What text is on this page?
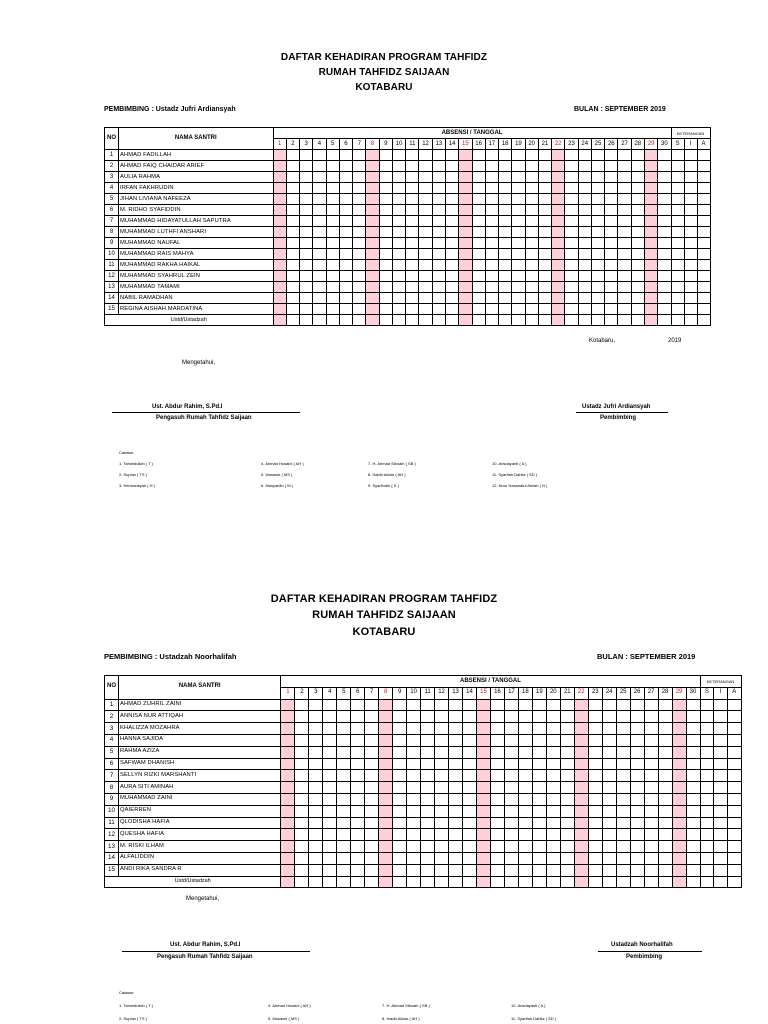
DAFTAR KEHADIRAN PROGRAM TAHFIDZ
RUMAH TAHFIDZ SAIJAAN
KOTABARU
PEMBIMBING : Ustadz Jufri Ardiansyah	BULAN : SEPTEMBER 2019
NO	NAMA SANTRI	ABSENSI / TANGGAL																														KETERANGAN		
		1	2	3	4	5	6	7	8	9	10	11	12	13	14	15	16	17	18	19	20	21	22	23	24	25	26	27	28	29	30	S	I	A
1	AHMAD FADILLAH																																	
2	AHMAD FAIQ CHAIDAR ARIEF																																	
3	AULIA RAHMA																																	
4	IRFAN FAKHRUDIN																																	
5	JIHAN LIVIANA NAFEEZA																																	
6	M. RIDHO SYAFIDDIN																																	
7	MUHAMMAD HIDAYATULLAH SAPUTRA																																	
8	MUHAMMAD LUTHFI ANSHARI																																	
9	MUHAMMAD NAUFAL																																	
10	MUHAMMAD RAIS MAHYA																																	
11	MUHAMMAD RAKHA HAIKAL																																	
12	MUHAMMAD SYAHRUL ZEIN																																	
13	MUHAMMAD TAMAMI																																	
14	NABIL RAMADHAN																																	
15	REGINA AISHAH MARDATINA																																	
Ustd/Ustadzah																																		
Kotabaru,	2019
Mengetahui,
Ust. Abdur Rahim, S.Pd.I
Pengasuh Rumah Tahfidz Saijaan
Ustadz Jufri Ardiansyah
Pembimbing
Catatan:
1. Tahmidullah ( T )
2. Supian ( TS )
3. Hermansyah ( H )
4. Ahmad Husaini ( AH )
5. Musawir ( MS )
6. Musyarifin ( M )
7. H. Ahmad Sibuaih ( SB )
8. Haidir Akbar ( AH )
9. Syarifudin ( S )
10. Arisdayanti ( A )
11. Syarifah Dahlia ( SD )
12. Noor Hasanatul Ainiah ( N )
DAFTAR KEHADIRAN PROGRAM TAHFIDZ
RUMAH TAHFIDZ SAIJAAN
KOTABARU
PEMBIMBING : Ustadzah Noorhalifah	BULAN : SEPTEMBER 2019
NO	NAMA SANTRI	ABSENSI / TANGGAL																														KETERANGAN		
		1	2	3	4	5	6	7	8	9	10	11	12	13	14	15	16	17	18	19	20	21	22	23	24	25	26	27	28	29	30	S	I	A
1	AHMAD ZUHRIL ZAINI																																	
2	ANNISA NUR ATTIQAH																																	
3	KHALIZZA MOZAHRA																																	
4	HANNA SAJIDA																																	
5	RAHMA AZIZA																																	
6	SAFWAM DHANISH																																	
7	SELLYN RIZKI MARSHANTI																																	
8	AURA SITI AMINAH																																	
9	MUHAMMAD ZAINI																																	
10	QAIERREN																																	
11	QLODISHA HAFIA																																	
12	QUESHA HAFIA																																	
13	M. RISKI ILHAM																																	
14	ALFALIDDIN																																	
15	ANDI RIKA SANDRA R																																	
Ustd/Ustadzah																																		
Mengetahui,
Ust. Abdur Rahim, S.Pd.I
Pengasuh Rumah Tahfidz Saijaan
Ustadzah Noorhalifah
Pembimbing
Catatan:
1. Tahmidullah ( T )
2. Supian ( TS )
4. Ahmad Husaini ( AH )
5. Musawir ( MS )
7. H. Ahmad Sibuaih ( SB )
8. Haidir Akbar ( AH )
10. Arisdayanti ( A )
11. Syarifah Dahlia ( SD )
